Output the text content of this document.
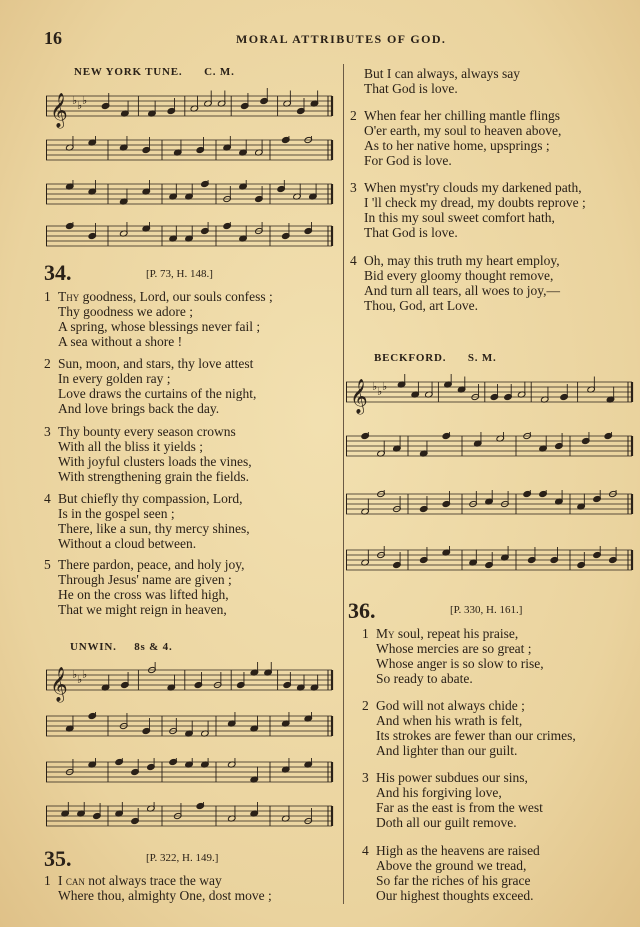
16	MORAL ATTRIBUTES OF GOD.
NEW YORK TUNE. C. M.
𝄞 ♭ ♭ ♭
34.	[P. 73, H. 148.]
1 Thy goodness, Lord, our souls confess ;
Thy goodness we adore ;
A spring, whose blessings never fail ;
A sea without a shore !
2 Sun, moon, and stars, thy love attest
In every golden ray ;
Love draws the curtains of the night,
And love brings back the day.
3 Thy bounty every season crowns
With all the bliss it yields ;
With joyful clusters loads the vines,
With strengthening grain the fields.
4 But chiefly thy compassion, Lord,
Is in the gospel seen ;
There, like a sun, thy mercy shines,
Without a cloud between.
5 There pardon, peace, and holy joy,
Through Jesus' name are given ;
He on the cross was lifted high,
That we might reign in heaven,
UNWIN. 8s & 4.
𝄞 ♭ ♭ ♭
35.	[P. 322, H. 149.]
1 I can not always trace the way
Where thou, almighty One, dost move ;
But I can always, always say
That God is love.
2 When fear her chilling mantle flings
O'er earth, my soul to heaven above,
As to her native home, upsprings ;
For God is love.
3 When myst'ry clouds my darkened path,
I 'll check my dread, my doubts reprove ;
In this my soul sweet comfort hath,
That God is love.
4 Oh, may this truth my heart employ,
Bid every gloomy thought remove,
And turn all tears, all woes to joy,—
Thou, God, art Love.
BECKFORD. S. M.
𝄞 ♭ ♭ ♭
36.	[P. 330, H. 161.]
1 My soul, repeat his praise,
Whose mercies are so great ;
Whose anger is so slow to rise,
So ready to abate.
2 God will not always chide ;
And when his wrath is felt,
Its strokes are fewer than our crimes,
And lighter than our guilt.
3 His power subdues our sins,
And his forgiving love,
Far as the east is from the west
Doth all our guilt remove.
4 High as the heavens are raised
Above the ground we tread,
So far the riches of his grace
Our highest thoughts exceed.
